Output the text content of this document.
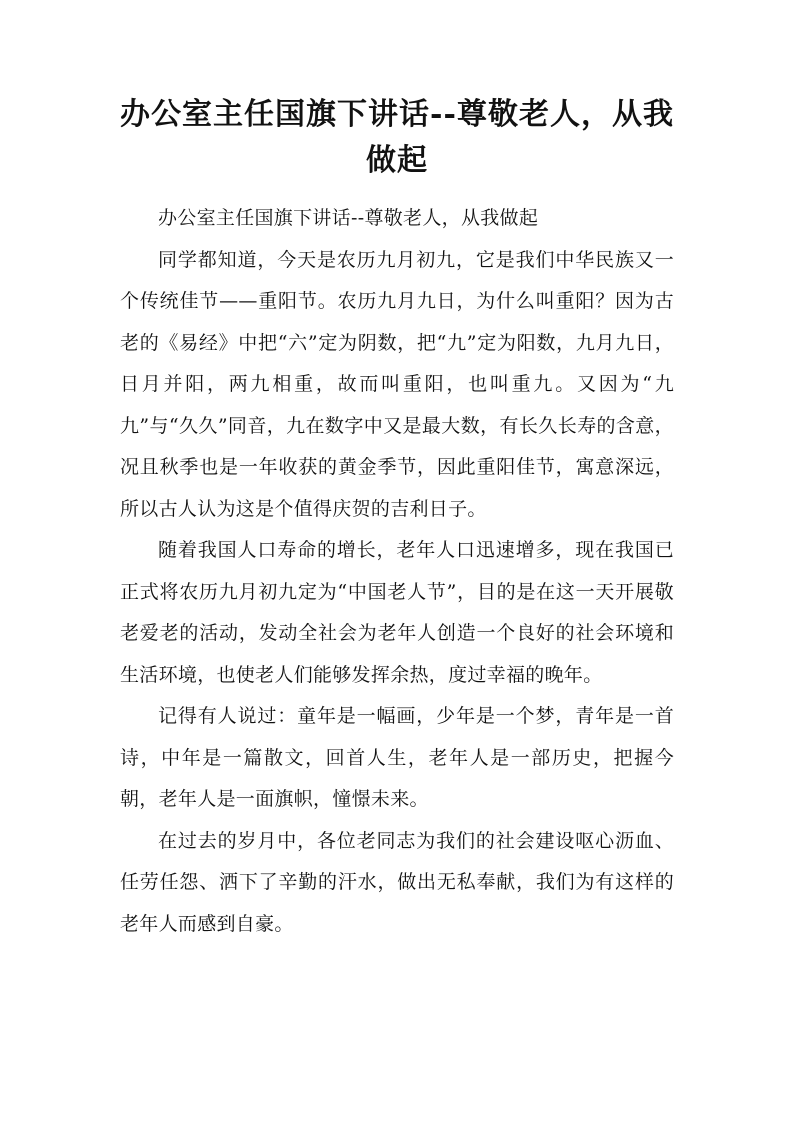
办公室主任国旗下讲话--尊敬老人，从我做起

办公室主任国旗下讲话--尊敬老人，从我做起

同学都知道，今天是农历九月初九，它是我们中华民族又一个传统佳节——重阳节。农历九月九日，为什么叫重阳？因为古老的《易经》中把“六”定为阴数，把“九”定为阳数，九月九日，日月并阳，两九相重，故而叫重阳，也叫重九。又因为“九九”与“久久”同音，九在数字中又是最大数，有长久长寿的含意，况且秋季也是一年收获的黄金季节，因此重阳佳节，寓意深远，所以古人认为这是个值得庆贺的吉利日子。

随着我国人口寿命的增长，老年人口迅速增多，现在我国已正式将农历九月初九定为“中国老人节”，目的是在这一天开展敬老爱老的活动，发动全社会为老年人创造一个良好的社会环境和生活环境，也使老人们能够发挥余热，度过幸福的晚年。

记得有人说过：童年是一幅画，少年是一个梦，青年是一首诗，中年是一篇散文，回首人生，老年人是一部历史，把握今朝，老年人是一面旗帜，憧憬未来。

在过去的岁月中，各位老同志为我们的社会建设呕心沥血、任劳任怨、洒下了辛勤的汗水，做出无私奉献，我们为有这样的老年人而感到自豪。
